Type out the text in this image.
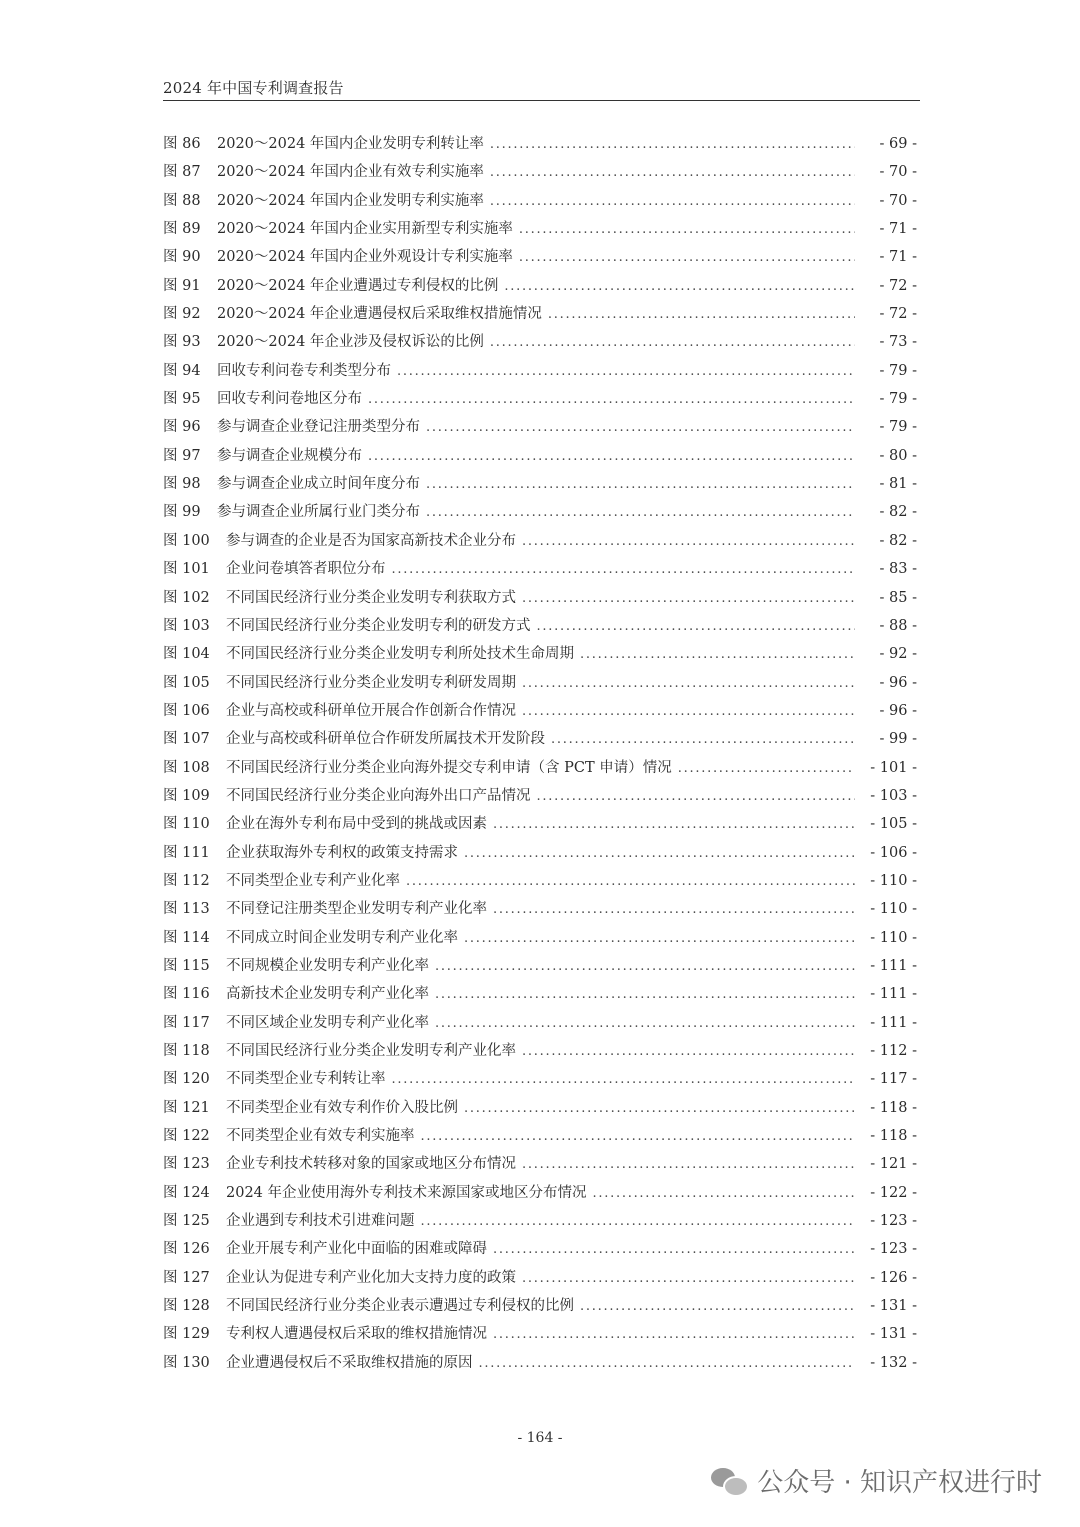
2024 年中国专利调查报告
图 86	2020～2024 年国内企业发明专利转让率 . . .	- 69 -
图 87	2020～2024 年国内企业有效专利实施率 . . .	- 70 -
图 88	2020～2024 年国内企业发明专利实施率 . . .	- 70 -
图 89	2020～2024 年国内企业实用新型专利实施率 . . .	- 71 -
图 90	2020～2024 年国内企业外观设计专利实施率 . . .	- 71 -
图 91	2020～2024 年企业遭遇过专利侵权的比例 . . .	- 72 -
图 92	2020～2024 年企业遭遇侵权后采取维权措施情况 . . .	- 72 -
图 93	2020～2024 年企业涉及侵权诉讼的比例 . . .	- 73 -
图 94	回收专利问卷专利类型分布 . . .	- 79 -
图 95	回收专利问卷地区分布 . . .	- 79 -
图 96	参与调查企业登记注册类型分布 . . .	- 79 -
图 97	参与调查企业规模分布 . . .	- 80 -
图 98	参与调查企业成立时间年度分布 . . .	- 81 -
图 99	参与调查企业所属行业门类分布 . . .	- 82 -
图 100	参与调查的企业是否为国家高新技术企业分布 . . .	- 82 -
图 101	企业问卷填答者职位分布 . . .	- 83 -
图 102	不同国民经济行业分类企业发明专利获取方式 . . .	- 85 -
图 103	不同国民经济行业分类企业发明专利的研发方式 . . .	- 88 -
图 104	不同国民经济行业分类企业发明专利所处技术生命周期 . . .	- 92 -
图 105	不同国民经济行业分类企业发明专利研发周期 . . .	- 96 -
图 106	企业与高校或科研单位开展合作创新合作情况 . . .	- 96 -
图 107	企业与高校或科研单位合作研发所属技术开发阶段 . . .	- 99 -
图 108	不同国民经济行业分类企业向海外提交专利申请（含 PCT 申请）情况 . . .	- 101 -
图 109	不同国民经济行业分类企业向海外出口产品情况 . . .	- 103 -
图 110	企业在海外专利布局中受到的挑战或因素 . . .	- 105 -
图 111	企业获取海外专利权的政策支持需求 . . .	- 106 -
图 112	不同类型企业专利产业化率 . . .	- 110 -
图 113	不同登记注册类型企业发明专利产业化率 . . .	- 110 -
图 114	不同成立时间企业发明专利产业化率 . . .	- 110 -
图 115	不同规模企业发明专利产业化率 . . .	- 111 -
图 116	高新技术企业发明专利产业化率 . . .	- 111 -
图 117	不同区域企业发明专利产业化率 . . .	- 111 -
图 118	不同国民经济行业分类企业发明专利产业化率 . . .	- 112 -
图 120	不同类型企业专利转让率 . . .	- 117 -
图 121	不同类型企业有效专利作价入股比例 . . .	- 118 -
图 122	不同类型企业有效专利实施率 . . .	- 118 -
图 123	企业专利技术转移对象的国家或地区分布情况 . . .	- 121 -
图 124	2024 年企业使用海外专利技术来源国家或地区分布情况 . . .	- 122 -
图 125	企业遇到专利技术引进难问题 . . .	- 123 -
图 126	企业开展专利产业化中面临的困难或障碍 . . .	- 123 -
图 127	企业认为促进专利产业化加大支持力度的政策 . . .	- 126 -
图 128	不同国民经济行业分类企业表示遭遇过专利侵权的比例 . . .	- 131 -
图 129	专利权人遭遇侵权后采取的维权措施情况 . . .	- 131 -
图 130	企业遭遇侵权后不采取维权措施的原因 . . .	- 132 -
- 164 -
公众号 · 知识产权进行时
